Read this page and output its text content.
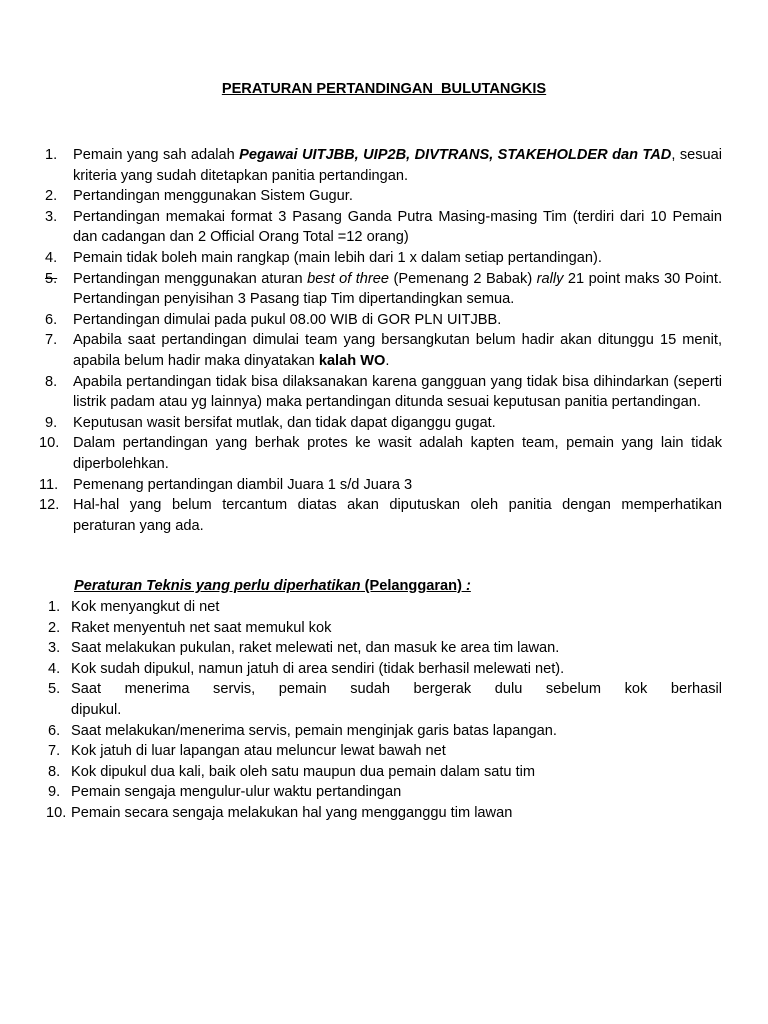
PERATURAN PERTANDINGAN  BULUTANGKIS
1. Pemain yang sah adalah Pegawai UITJBB, UIP2B, DIVTRANS, STAKEHOLDER dan TAD, sesuai kriteria yang sudah ditetapkan panitia pertandingan.
2. Pertandingan menggunakan Sistem Gugur.
3. Pertandingan memakai format 3 Pasang Ganda Putra Masing-masing Tim (terdiri dari 10 Pemain dan cadangan dan 2 Official Orang Total =12 orang)
4. Pemain tidak boleh main rangkap (main lebih dari 1 x dalam setiap pertandingan).
5. Pertandingan menggunakan aturan best of three (Pemenang 2 Babak) rally 21 point maks 30 Point. Pertandingan penyisihan 3 Pasang tiap Tim dipertandingkan semua.
6. Pertandingan dimulai pada pukul 08.00 WIB di GOR PLN UITJBB.
7. Apabila saat pertandingan dimulai team yang bersangkutan belum hadir akan ditunggu 15 menit, apabila belum hadir maka dinyatakan kalah WO.
8. Apabila pertandingan tidak bisa dilaksanakan karena gangguan yang tidak bisa dihindarkan (seperti listrik padam atau yg lainnya) maka pertandingan ditunda sesuai keputusan panitia pertandingan.
9. Keputusan wasit bersifat mutlak, dan tidak dapat diganggu gugat.
10. Dalam pertandingan yang berhak protes ke wasit adalah kapten team, pemain yang lain tidak diperbolehkan.
11. Pemenang pertandingan diambil Juara 1 s/d Juara 3
12. Hal-hal yang belum tercantum diatas akan diputuskan oleh panitia dengan memperhatikan peraturan yang ada.
Peraturan Teknis yang perlu diperhatikan (Pelanggaran) :
1. Kok menyangkut di net
2. Raket menyentuh net saat memukul kok
3. Saat melakukan pukulan, raket melewati net, dan masuk ke area tim lawan.
4. Kok sudah dipukul, namun jatuh di area sendiri (tidak berhasil melewati net).
5. Saat menerima servis, pemain sudah bergerak dulu sebelum kok berhasil
dipukul.
6. Saat melakukan/menerima servis, pemain menginjak garis batas lapangan.
7. Kok jatuh di luar lapangan atau meluncur lewat bawah net
8. Kok dipukul dua kali, baik oleh satu maupun dua pemain dalam satu tim
9. Pemain sengaja mengulur-ulur waktu pertandingan
10. Pemain secara sengaja melakukan hal yang mengganggu tim lawan
